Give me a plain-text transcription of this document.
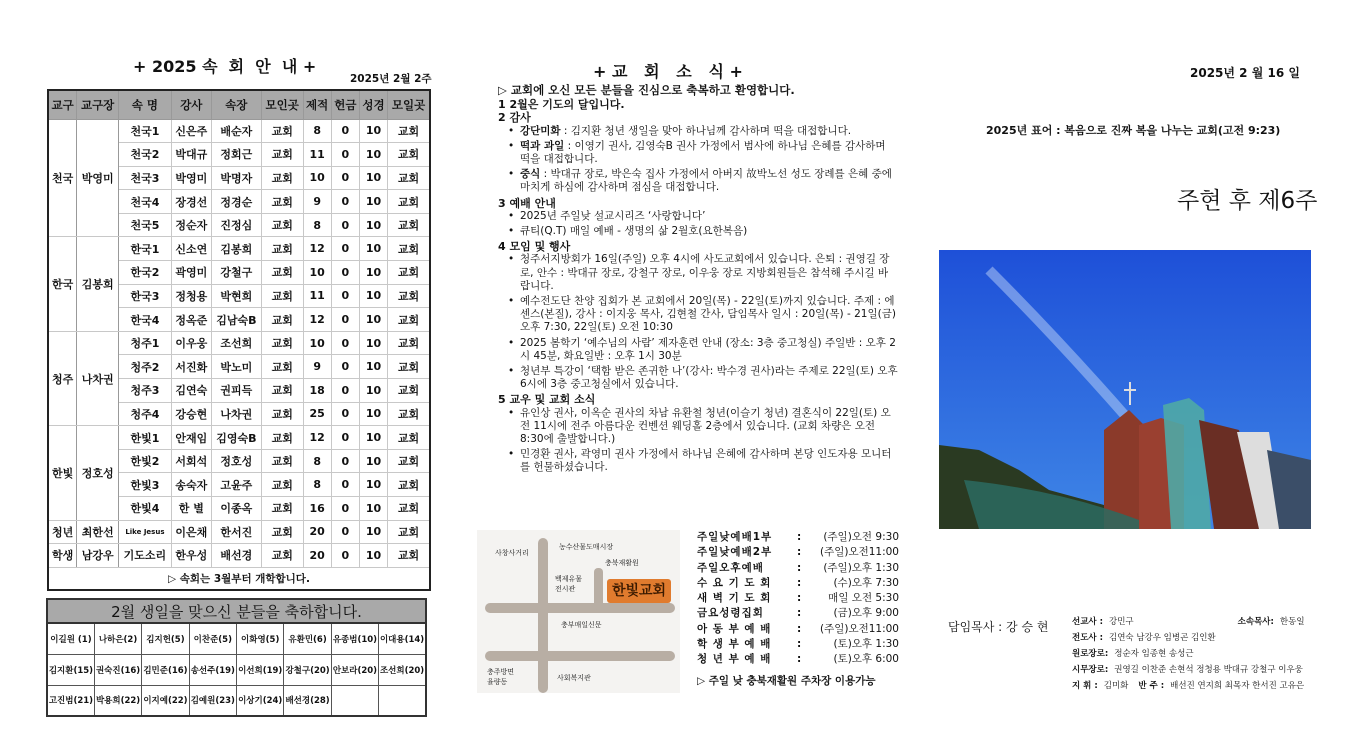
+ 2025 속  회  안  내 +
2025년 2월 2주
교구	교구장	속 명	강사	속장	모인곳	제적	헌금	성경	모일곳
천국	박영미	천국1	신은주	배순자	교회	8	0	10	교회
		천국2	박대규	정회근	교회	11	0	10	교회
		천국3	박영미	박명자	교회	10	0	10	교회
		천국4	장경선	정경순	교회	9	0	10	교회
		천국5	정순자	진정심	교회	8	0	10	교회
한국	김봉희	한국1	신소연	김봉희	교회	12	0	10	교회
		한국2	곽영미	강철구	교회	10	0	10	교회
		한국3	정청용	박현희	교회	11	0	10	교회
		한국4	정옥준	김남숙B	교회	12	0	10	교회
청주	나차권	청주1	이우웅	조선희	교회	10	0	10	교회
		청주2	서진화	박노미	교회	9	0	10	교회
		청주3	김연숙	권피득	교회	18	0	10	교회
		청주4	강승현	나차권	교회	25	0	10	교회
한빛	정호성	한빛1	안재임	김영숙B	교회	12	0	10	교회
		한빛2	서회석	정호성	교회	8	0	10	교회
		한빛3	송숙자	고윤주	교회	8	0	10	교회
		한빛4	한 별	이종옥	교회	16	0	10	교회
청년	최한선	Like Jesus	이은채	한서진	교회	20	0	10	교회
학생	남강우	기도소리	한우성	배선경	교회	20	0	10	교회
▷ 속회는 3월부터 개학합니다.									
2월 생일을 맞으신 분들을 축하합니다.							
이길원 (1)	나하은(2)	김지헌(5)	이찬준(5)	이화영(5)	유환민(6)	유종범(10)	이대용(14)
김지환(15)	권숙진(16)	김민준(16)	송선주(19)	이선희(19)	강철구(20)	안보라(20)	조선희(20)
고진범(21)	박용희(22)	이지예(22)	김예원(23)	이상기(24)	배선경(28)		
+ 교   회   소   식 +
▷ 교회에 오신 모든 분들을 진심으로 축복하고 환영합니다.
1 2월은 기도의 달입니다.
2 감사
• 강단미화 : 김지환 청년 생일을 맞아 하나님께 감사하며 떡을 대접합니다.
• 떡과 과일 : 이영기 권사, 김영숙B 권사 가정에서 범사에 하나님 은혜를 감사하며 떡을 대접합니다.
• 중식 : 박대규 장로, 박은숙 집사 가정에서 아버지 故박노선 성도 장례를 은혜 중에 마치게 하심에 감사하며 점심을 대접합니다.
3 예배 안내
• 2025년 주일낮 설교시리즈 ‘사랑합니다’
• 큐티(Q.T) 매일 예배 - 생명의 삶 2월호(요한복음)
4 모임 및 행사
• 청주서지방회가 16일(주일) 오후 4시에 사도교회에서 있습니다. 은퇴 : 권영길 장로, 안수 : 박대규 장로, 강철구 장로, 이우웅 장로 지방회원들은 참석해 주시길 바랍니다.
• 예수전도단 찬양 집회가 본 교회에서 20일(목) - 22일(토)까지 있습니다. 주제 : 에센스(본질), 강사 : 이지웅 목사, 김현철 간사, 담임목사 일시 : 20일(목) - 21일(금) 오후 7:30, 22일(토) 오전 10:30
• 2025 봄학기 ‘예수님의 사람’ 제자훈련 안내 (장소: 3층 중고청실) 주일반 : 오후 2시 45분, 화요일반 : 오후 1시 30분
• 청년부 특강이 ‘택함 받은 존귀한 나’(강사: 박수경 권사)라는 주제로 22일(토) 오후 6시에 3층 중고청실에서 있습니다.
5 교우 및 교회 소식
• 유인상 권사, 이옥순 권사의 차남 유환철 청년(이슬기 청년) 결혼식이 22일(토) 오전 11시에 전주 아름다운 컨벤션 웨딩홀 2층에서 있습니다. (교회 차량은 오전 8:30에 출발합니다.)
• 민경환 권사, 곽영미 권사 가정에서 하나님 은혜에 감사하며 본당 인도자용 모니터를 헌물하셨습니다.
한빛교회
사창사거리
농수산물도매시장
충북재활원
백제유물 전시관
충부매일신문
충주방면 율량동	사회복지관
주일낮예배1부	:	(주일)오전 9:30
주일낮예배2부	:	(주일)오전11:00
주일오후예배	:	(주일)오후 1:30
수 요 기 도 회	:	(수)오후 7:30
새 벽 기 도 회	:	매일 오전 5:30
금요성령집회	:	(금)오후 9:00
아 동 부 예 배	:	(주일)오전11:00
학 생 부 예 배	:	(토)오후 1:30
청 년 부 예 배	:	(토)오후 6:00
▷ 주일 낮 충북재활원 주차장 이용가능
2025년 2 월 16 일
2025년 표어 : 복음으로 진짜 복을 나누는 교회(고전 9:23)
주현 후 제6주
담임목사 : 강 승 현	선교사 : 강민구	소속목사: 한동일
전도사 : 김연숙 남강우 임병곤 김인환
원로장로: 정순자 임종현 송성근
시무장로: 권영길 이찬준 손현석 정청용 박대규 강철구 이우웅
지 휘 : 김미화 반 주 : 배선진 연지희 최목자 한서진 고유은
